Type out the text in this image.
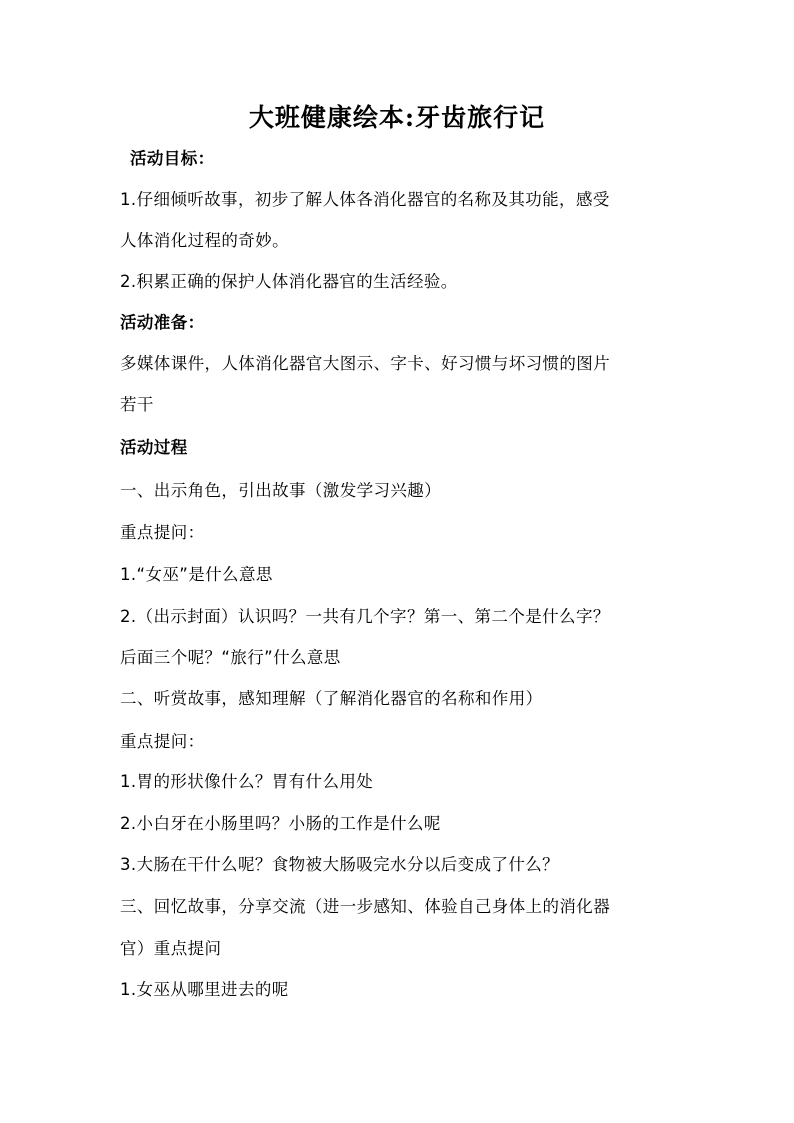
大班健康绘本:牙齿旅行记
活动目标：
1.仔细倾听故事，初步了解人体各消化器官的名称及其功能，感受
人体消化过程的奇妙。
2.积累正确的保护人体消化器官的生活经验。
活动准备：
多媒体课件，人体消化器官大图示、字卡、好习惯与坏习惯的图片
若干
活动过程
一、出示角色，引出故事（激发学习兴趣）
重点提问：
1.“女巫”是什么意思
2.（出示封面）认识吗？一共有几个字？第一、第二个是什么字？
后面三个呢？“旅行”什么意思
二、听赏故事，感知理解（了解消化器官的名称和作用）
重点提问：
1.胃的形状像什么？胃有什么用处
2.小白牙在小肠里吗？小肠的工作是什么呢
3.大肠在干什么呢？食物被大肠吸完水分以后变成了什么？
三、回忆故事，分享交流（进一步感知、体验自己身体上的消化器
官）重点提问
1.女巫从哪里进去的呢
